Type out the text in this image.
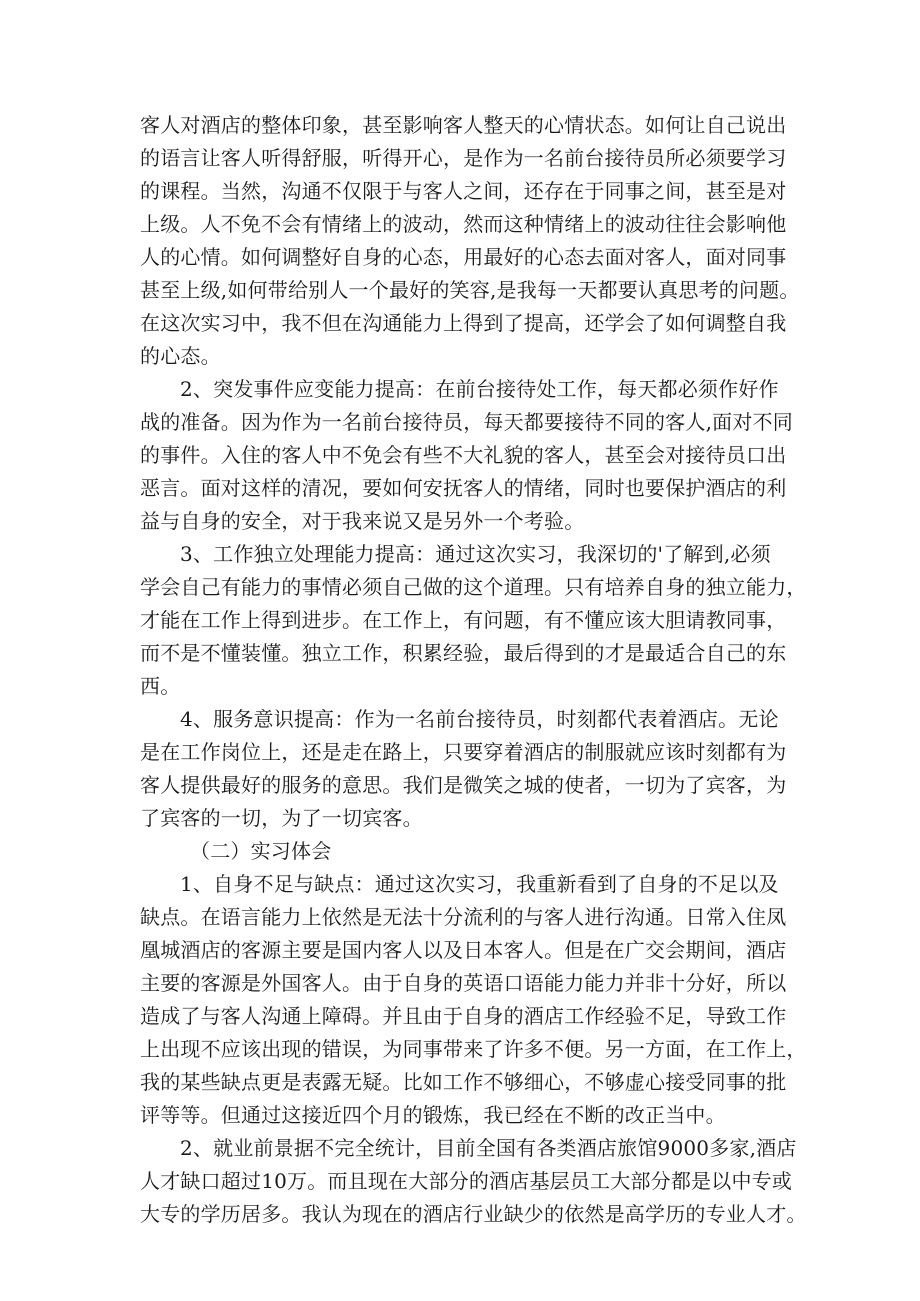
客人对酒店的整体印象，甚至影响客人整天的心情状态。如何让自己说出
的语言让客人听得舒服，听得开心，是作为一名前台接待员所必须要学习
的课程。当然，沟通不仅限于与客人之间，还存在于同事之间，甚至是对
上级。人不免不会有情绪上的波动，然而这种情绪上的波动往往会影响他
人的心情。如何调整好自身的心态，用最好的心态去面对客人，面对同事
甚至上级,如何带给别人一个最好的笑容,是我每一天都要认真思考的问题。
在这次实习中，我不但在沟通能力上得到了提高，还学会了如何调整自我
的心态。
2、突发事件应变能力提高：在前台接待处工作，每天都必须作好作
战的准备。因为作为一名前台接待员，每天都要接待不同的客人,面对不同
的事件。入住的客人中不免会有些不大礼貌的客人，甚至会对接待员口出
恶言。面对这样的清况，要如何安抚客人的情绪，同时也要保护酒店的利
益与自身的安全，对于我来说又是另外一个考验。
3、工作独立处理能力提高：通过这次实习，我深切的'了解到,必须
学会自己有能力的事情必须自己做的这个道理。只有培养自身的独立能力，
才能在工作上得到进步。在工作上，有问题，有不懂应该大胆请教同事，
而不是不懂装懂。独立工作，积累经验，最后得到的才是最适合自己的东
西。
4、服务意识提高：作为一名前台接待员，时刻都代表着酒店。无论
是在工作岗位上，还是走在路上，只要穿着酒店的制服就应该时刻都有为
客人提供最好的服务的意思。我们是微笑之城的使者，一切为了宾客，为
了宾客的一切，为了一切宾客。
（二）实习体会
1、自身不足与缺点：通过这次实习，我重新看到了自身的不足以及
缺点。在语言能力上依然是无法十分流利的与客人进行沟通。日常入住凤
凰城酒店的客源主要是国内客人以及日本客人。但是在广交会期间，酒店
主要的客源是外国客人。由于自身的英语口语能力能力并非十分好，所以
造成了与客人沟通上障碍。并且由于自身的酒店工作经验不足，导致工作
上出现不应该出现的错误，为同事带来了许多不便。另一方面，在工作上，
我的某些缺点更是表露无疑。比如工作不够细心，不够虚心接受同事的批
评等等。但通过这接近四个月的锻炼，我已经在不断的改正当中。
2、就业前景据不完全统计，目前全国有各类酒店旅馆9000多家,酒店
人才缺口超过10万。而且现在大部分的酒店基层员工大部分都是以中专或
大专的学历居多。我认为现在的酒店行业缺少的依然是高学历的专业人才。
